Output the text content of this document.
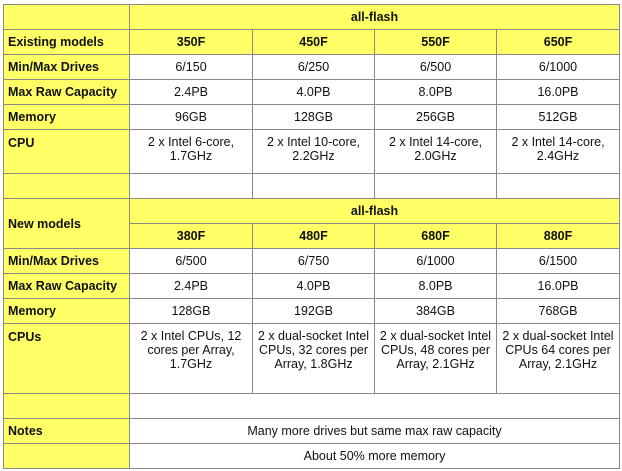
	all-flash			
Existing models	350F	450F	550F	650F
Min/Max Drives	6/150	6/250	6/500	6/1000
Max Raw Capacity	2.4PB	4.0PB	8.0PB	16.0PB
Memory	96GB	128GB	256GB	512GB
CPU	2 x Intel 6-core, 1.7GHz	2 x Intel 10-core, 2.2GHz	2 x Intel 14-core, 2.0GHz	2 x Intel 14-core, 2.4GHz

New models	all-flash			
	380F	480F	680F	880F
Min/Max Drives	6/500	6/750	6/1000	6/1500
Max Raw Capacity	2.4PB	4.0PB	8.0PB	16.0PB
Memory	128GB	192GB	384GB	768GB
CPUs	2 x Intel CPUs, 12 cores per Array, 1.7GHz	2 x dual-socket Intel CPUs, 32 cores per Array, 1.8GHz	2 x dual-socket Intel CPUs, 48 cores per Array, 2.1GHz	2 x dual-socket Intel CPUs 64 cores per Array, 2.1GHz

Notes	Many more drives but same max raw capacity			
	About 50% more memory			
